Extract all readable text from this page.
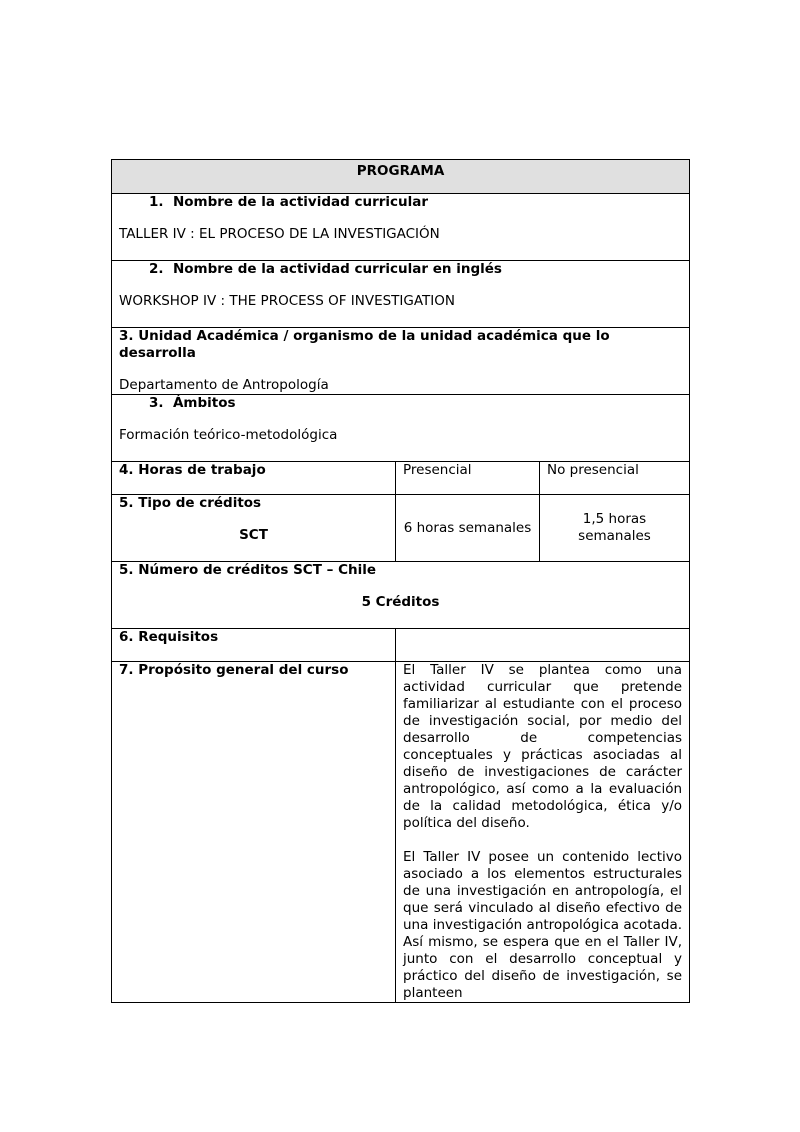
PROGRAMA		

1. Nombre de la actividad curricular
TALLER IV : EL PROCESO DE LA INVESTIGACIÓN		

2. Nombre de la actividad curricular en inglés
WORKSHOP IV : THE PROCESS OF INVESTIGATION		

3. Unidad Académica / organismo de la unidad académica que lo desarrolla
Departamento de Antropología		

3. Ámbitos
Formación teórico-metodológica		

4. Horas de trabajo	Presencial	No presencial

5. Tipo de créditos
SCT	6 horas semanales	1,5 horas semanales

5. Número de créditos SCT – Chile
5 Créditos		

6. Requisitos		
7. Propósito general del curso	El Taller IV se plantea como una actividad curricular que pretende familiarizar al estudiante con el proceso de investigación social, por medio del desarrollo de competencias conceptuales y prácticas asociadas al diseño de investigaciones de carácter antropológico, así como a la evaluación de la calidad metodológica, ética y/o política del diseño.
El Taller IV posee un contenido lectivo asociado a los elementos estructurales de una investigación en antropología, el que será vinculado al diseño efectivo de una investigación antropológica acotada. Así mismo, se espera que en el Taller IV, junto con el desarrollo conceptual y práctico del diseño de investigación, se planteen	
